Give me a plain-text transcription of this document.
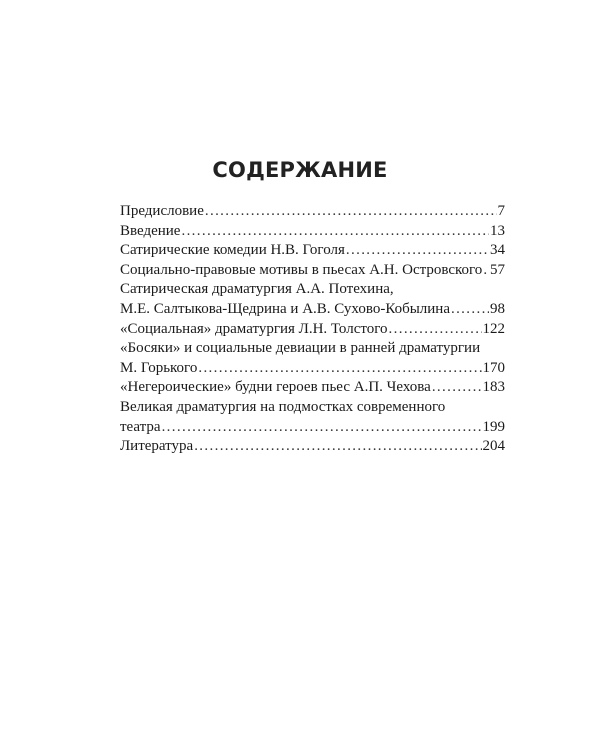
СОДЕРЖАНИЕ
Предисловие . . .	7
Введение . . .	13
Сатирические комедии Н.В. Гоголя . . .	34
Социально-правовые мотивы в пьесах А.Н. Островского . . . 57
Сатирическая драматургия А.А. Потехина,
М.Е. Салтыкова-Щедрина и А.В. Сухово-Кобылина . . .	98
«Социальная» драматургия Л.Н. Толстого . . .	122
«Босяки» и социальные девиации в ранней драматургии
М. Горького . . .	170
«Негероические» будни героев пьес А.П. Чехова . . .	183
Великая драматургия на подмостках современного
театра . . .	199
Литература . . .	204
